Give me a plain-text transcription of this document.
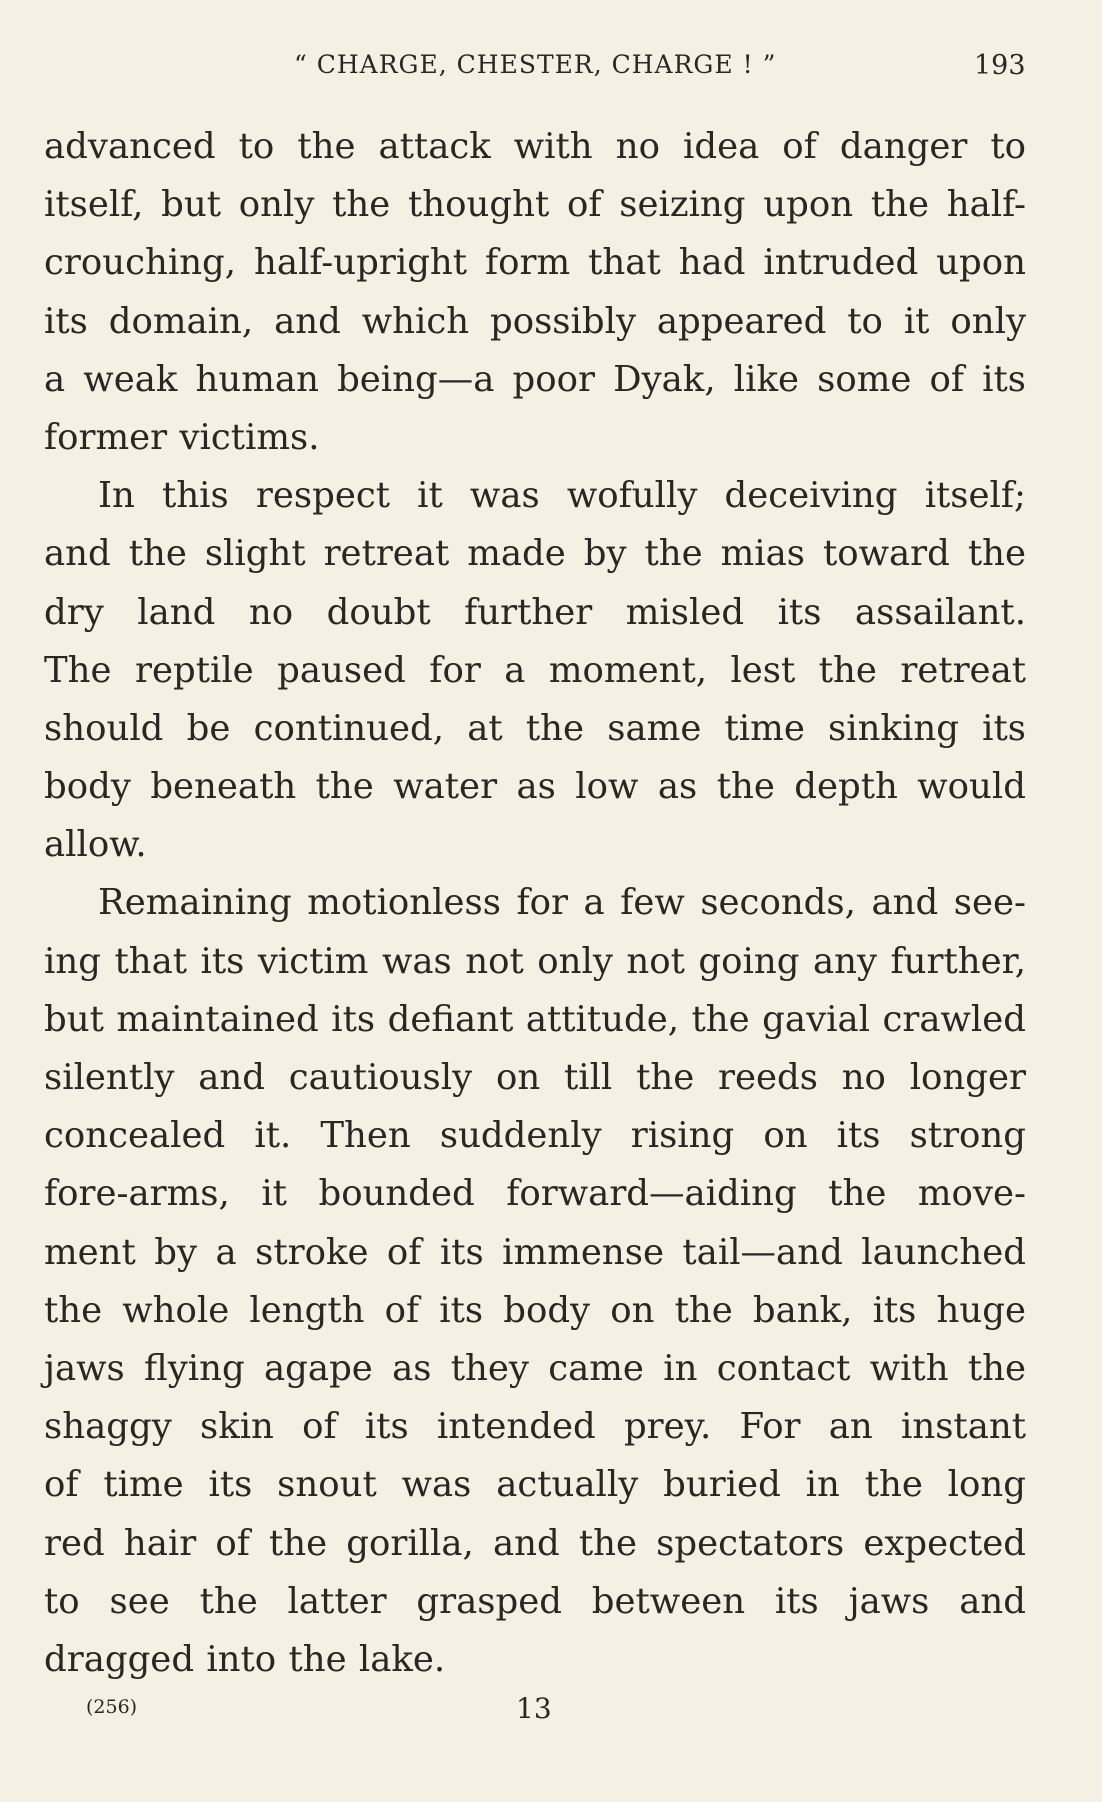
“ CHARGE, CHESTER, CHARGE ! ”	193
advanced to the attack with no idea of danger to
itself, but only the thought of seizing upon the half-
crouching, half-upright form that had intruded upon
its domain, and which possibly appeared to it only
a weak human being—a poor Dyak, like some of its
former victims.
In this respect it was wofully deceiving itself;
and the slight retreat made by the mias toward the
dry land no doubt further misled its assailant.
The reptile paused for a moment, lest the retreat
should be continued, at the same time sinking its
body beneath the water as low as the depth would
allow.
Remaining motionless for a few seconds, and see-
ing that its victim was not only not going any further,
but maintained its defiant attitude, the gavial crawled
silently and cautiously on till the reeds no longer
concealed it. Then suddenly rising on its strong
fore-arms, it bounded forward—aiding the move-
ment by a stroke of its immense tail—and launched
the whole length of its body on the bank, its huge
jaws flying agape as they came in contact with the
shaggy skin of its intended prey. For an instant
of time its snout was actually buried in the long
red hair of the gorilla, and the spectators expected
to see the latter grasped between its jaws and
dragged into the lake.
(256)	13
